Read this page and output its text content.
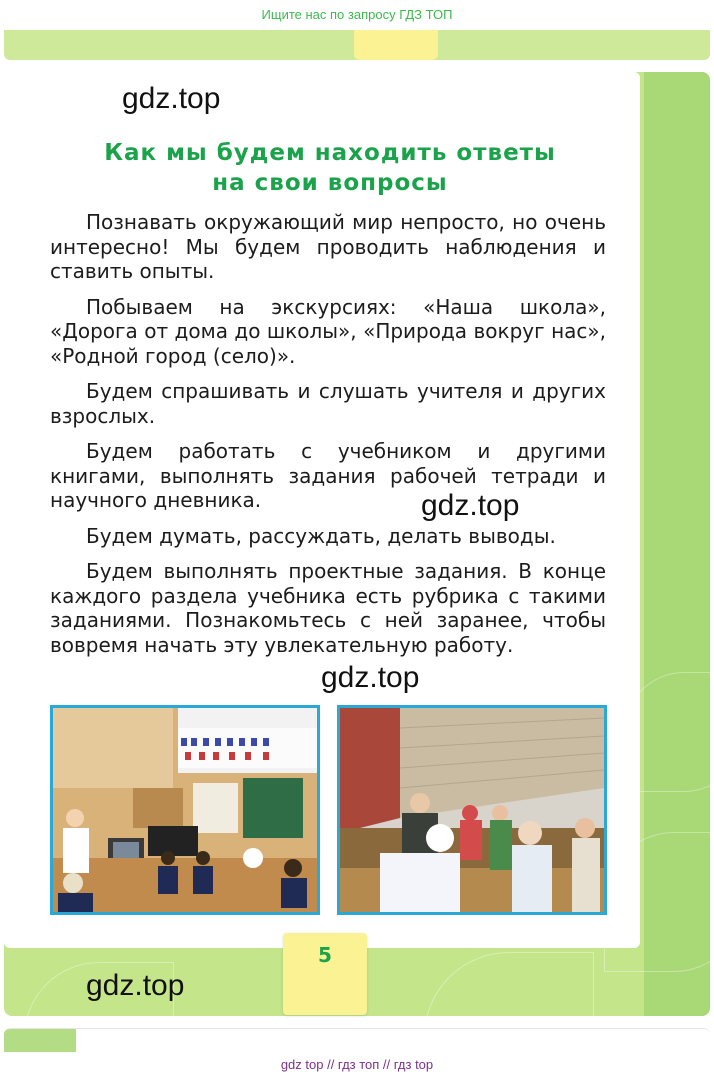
Ищите нас по запросу ГДЗ ТОП
gdz.top
Как мы будем находить ответы
на свои вопросы

Познавать окружающий мир непросто, но очень интересно! Мы будем проводить наблюдения и ставить опыты.

Побываем на экскурсиях: «Наша школа», «Дорога от дома до школы», «Природа вокруг нас», «Родной город (село)».

Будем спрашивать и слушать учителя и других взрослых.

Будем работать с учебником и другими книгами, выполнять задания рабочей тетради и научного дневника.

Будем думать, рассуждать, делать выводы.

Будем выполнять проектные задания. В конце каждого раздела учебника есть рубрика с такими заданиями. Познакомьтесь с ней заранее, чтобы вовремя начать эту увлекательную работу.

gdz.top
gdz.top
5
gdz.top
gdz top // гдз топ // гдз top
